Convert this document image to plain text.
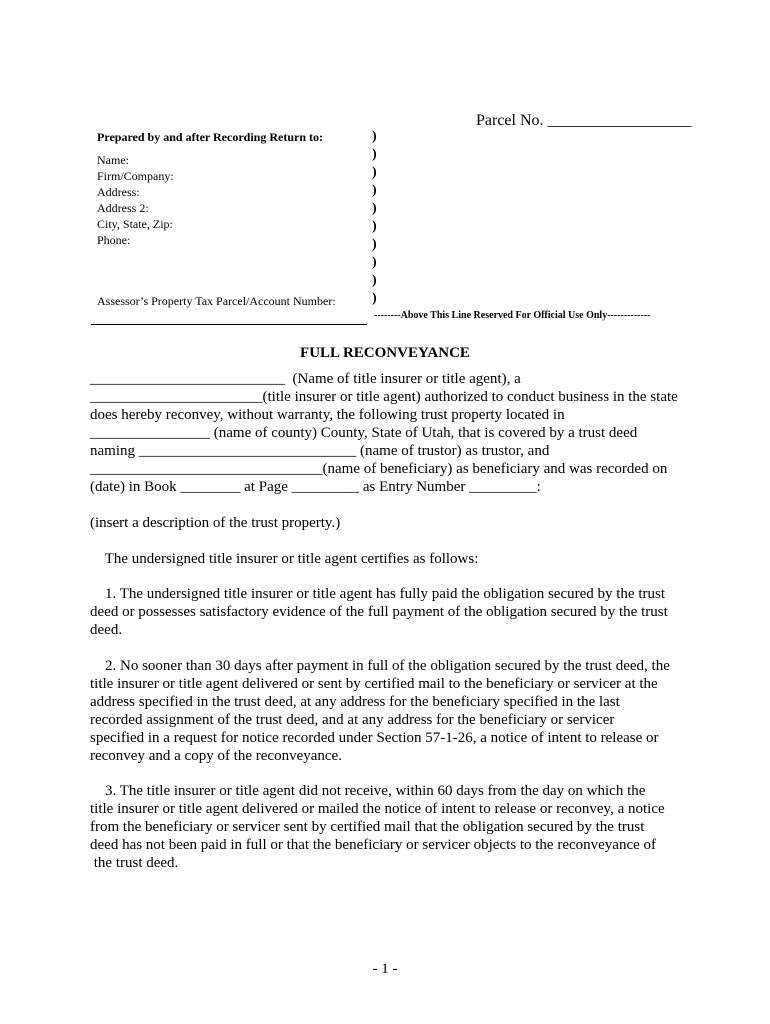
Parcel No. __________________
Prepared by and after Recording Return to:
Name:
Firm/Company:
Address:
Address 2:
City, State, Zip:
Phone:
Assessor’s Property Tax Parcel/Account Number:
)
)
)
)
)
)
)
)
)
)
--------Above This Line Reserved For Official Use Only-------------
FULL RECONVEYANCE
__________________________  (Name of title insurer or title agent), a
_______________________(title insurer or title agent) authorized to conduct business in the state
does hereby reconvey, without warranty, the following trust property located in
________________ (name of county) County, State of Utah, that is covered by a trust deed
naming _____________________________ (name of trustor) as trustor, and
_______________________________(name of beneficiary) as beneficiary and was recorded on
(date) in Book ________ at Page _________ as Entry Number _________:
(insert a description of the trust property.)
The undersigned title insurer or title agent certifies as follows:
1. The undersigned title insurer or title agent has fully paid the obligation secured by the trust
deed or possesses satisfactory evidence of the full payment of the obligation secured by the trust
deed.
2. No sooner than 30 days after payment in full of the obligation secured by the trust deed, the
title insurer or title agent delivered or sent by certified mail to the beneficiary or servicer at the
address specified in the trust deed, at any address for the beneficiary specified in the last
recorded assignment of the trust deed, and at any address for the beneficiary or servicer
specified in a request for notice recorded under Section 57-1-26, a notice of intent to release or
reconvey and a copy of the reconveyance.
3. The title insurer or title agent did not receive, within 60 days from the day on which the
title insurer or title agent delivered or mailed the notice of intent to release or reconvey, a notice
from the beneficiary or servicer sent by certified mail that the obligation secured by the trust
deed has not been paid in full or that the beneficiary or servicer objects to the reconveyance of
the trust deed.
- 1 -
